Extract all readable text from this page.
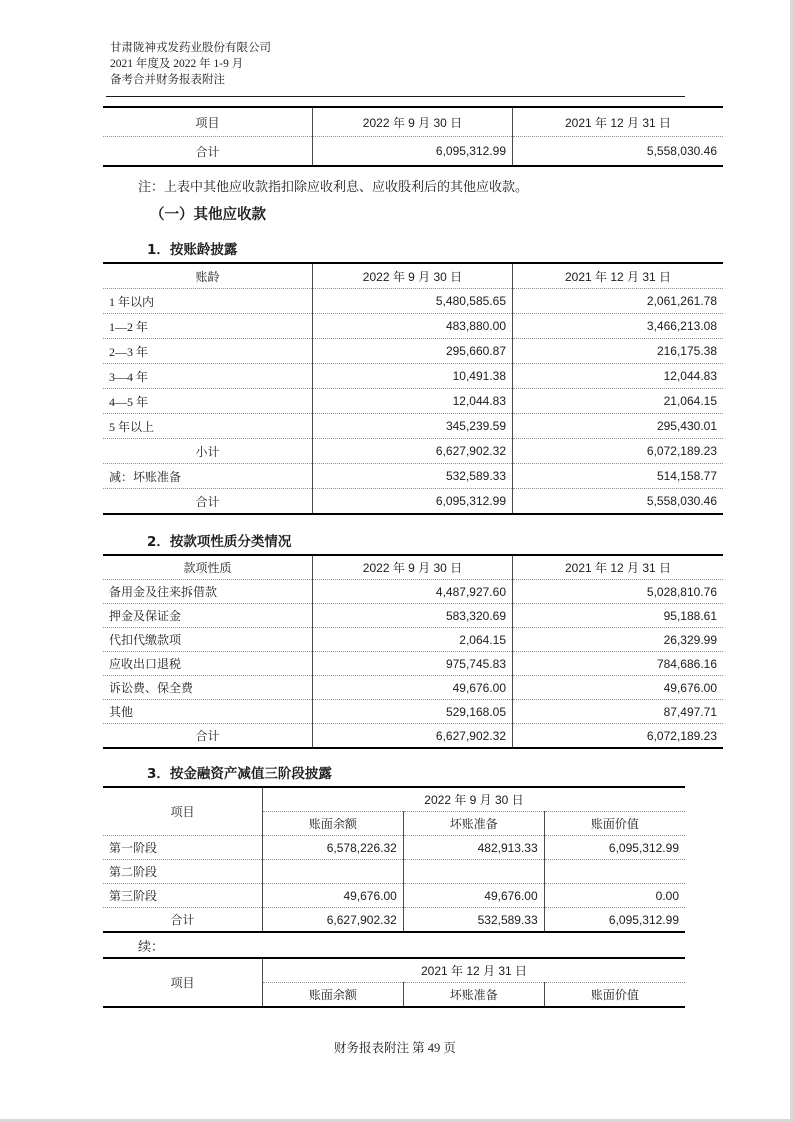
甘肃陇神戎发药业股份有限公司
2021 年度及 2022 年 1-9 月
备考合并财务报表附注
项目	2022 年 9 月 30 日	2021 年 12 月 31 日
合计	6,095,312.99	5,558,030.46
注：上表中其他应收款指扣除应收利息、应收股利后的其他应收款。
（一）其他应收款
1．按账龄披露
账龄	2022 年 9 月 30 日	2021 年 12 月 31 日
1 年以内	5,480,585.65	2,061,261.78
1—2 年	483,880.00	3,466,213.08
2—3 年	295,660.87	216,175.38
3—4 年	10,491.38	12,044.83
4—5 年	12,044.83	21,064.15
5 年以上	345,239.59	295,430.01
小计	6,627,902.32	6,072,189.23
减：坏账准备	532,589.33	514,158.77
合计	6,095,312.99	5,558,030.46
2．按款项性质分类情况
款项性质	2022 年 9 月 30 日	2021 年 12 月 31 日
备用金及往来拆借款	4,487,927.60	5,028,810.76
押金及保证金	583,320.69	95,188.61
代扣代缴款项	2,064.15	26,329.99
应收出口退税	975,745.83	784,686.16
诉讼费、保全费	49,676.00	49,676.00
其他	529,168.05	87,497.71
合计	6,627,902.32	6,072,189.23
3．按金融资产减值三阶段披露
项目	2022 年 9 月 30 日		
	账面余额	坏账准备	账面价值
第一阶段	6,578,226.32	482,913.33	6,095,312.99
第二阶段			
第三阶段	49,676.00	49,676.00	0.00
合计	6,627,902.32	532,589.33	6,095,312.99
续：
项目	2021 年 12 月 31 日		
	账面余额	坏账准备	账面价值
财务报表附注 第 49 页
